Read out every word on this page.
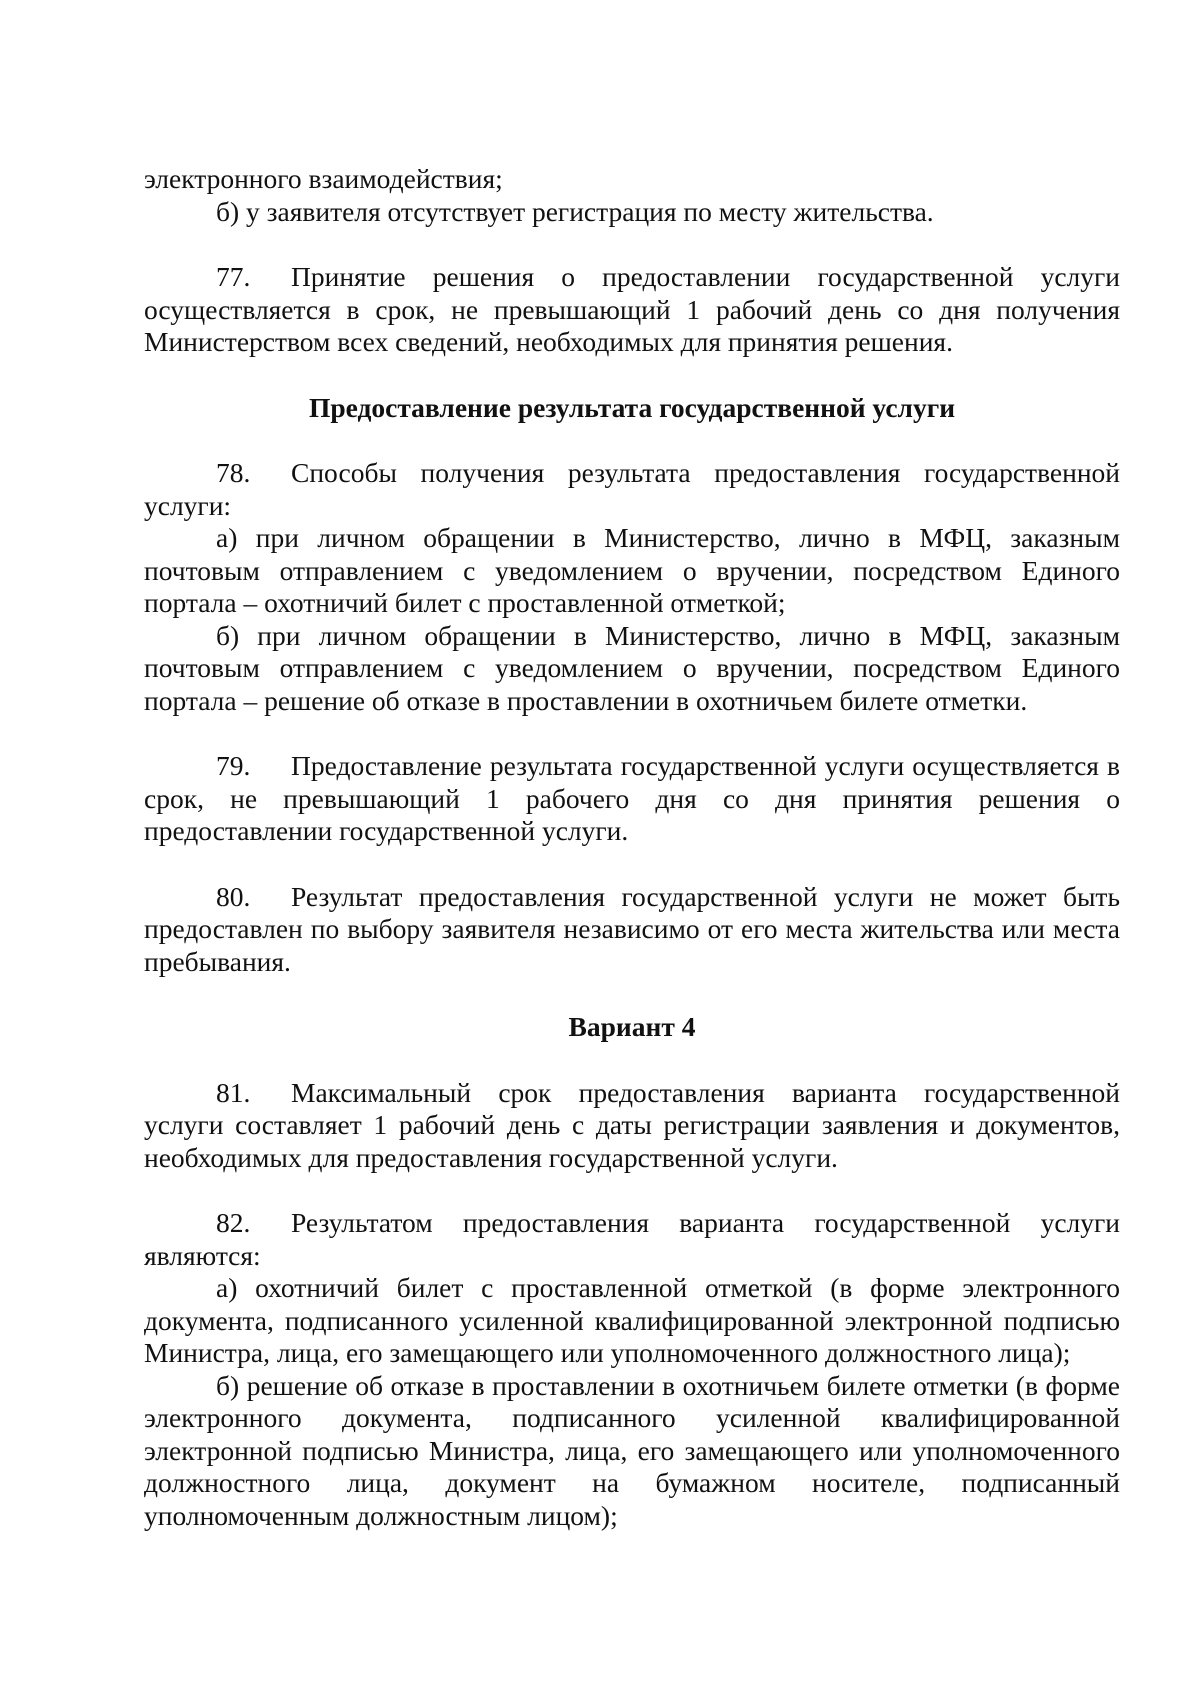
электронного взаимодействия;

б) у заявителя отсутствует регистрация по месту жительства.

77. Принятие решения о предоставлении государственной услуги осуществляется в срок, не превышающий 1 рабочий день со дня получения Министерством всех сведений, необходимых для принятия решения.

Предоставление результата государственной услуги

78. Способы получения результата предоставления государственной услуги:

а) при личном обращении в Министерство, лично в МФЦ, заказным почтовым отправлением с уведомлением о вручении, посредством Единого портала – охотничий билет с проставленной отметкой;

б) при личном обращении в Министерство, лично в МФЦ, заказным почтовым отправлением с уведомлением о вручении, посредством Единого портала – решение об отказе в проставлении в охотничьем билете отметки.

79. Предоставление результата государственной услуги осуществляется в срок, не превышающий 1 рабочего дня со дня принятия решения о предоставлении государственной услуги.

80. Результат предоставления государственной услуги не может быть предоставлен по выбору заявителя независимо от его места жительства или места пребывания.

Вариант 4

81. Максимальный срок предоставления варианта государственной услуги составляет 1 рабочий день с даты регистрации заявления и документов, необходимых для предоставления государственной услуги.

82. Результатом предоставления варианта государственной услуги являются:

а) охотничий билет с проставленной отметкой (в форме электронного документа, подписанного усиленной квалифицированной электронной подписью Министра, лица, его замещающего или уполномоченного должностного лица);

б) решение об отказе в проставлении в охотничьем билете отметки (в форме электронного документа, подписанного усиленной квалифицированной электронной подписью Министра, лица, его замещающего или уполномоченного должностного лица, документ на бумажном носителе, подписанный уполномоченным должностным лицом);
